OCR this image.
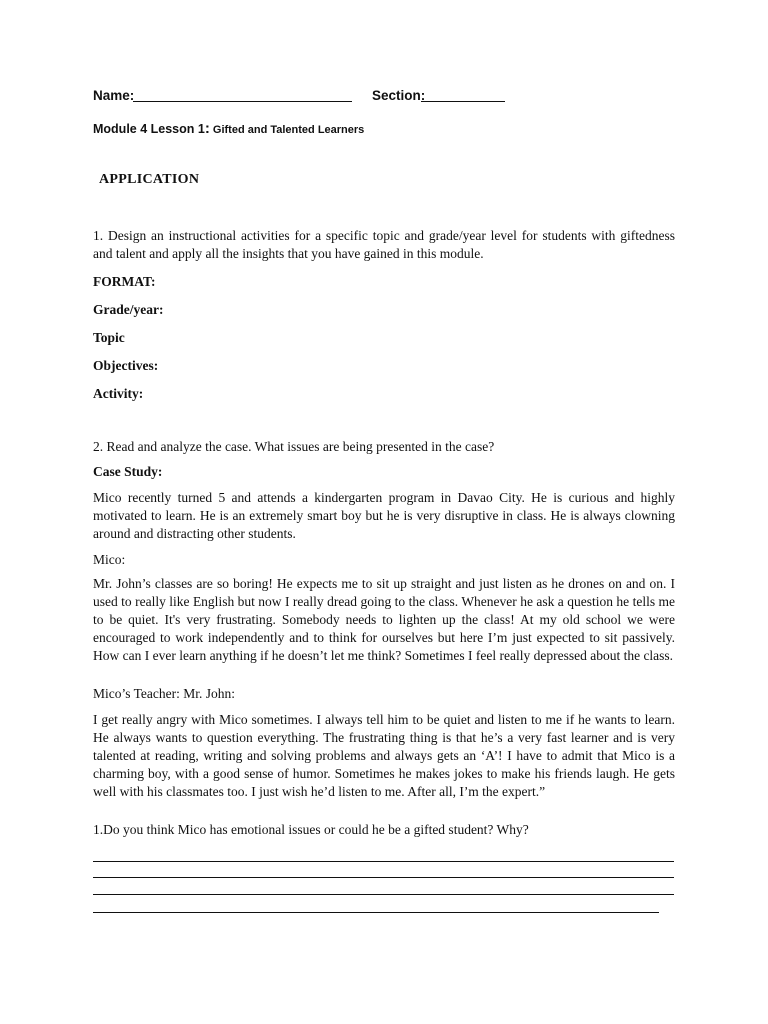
Name:	Section:
Module 4 Lesson 1: Gifted and Talented Learners
APPLICATION
1. Design an instructional activities for a specific topic and grade/year level for students with giftedness and talent and apply all the insights that you have gained in this module.
FORMAT:
Grade/year:
Topic
Objectives:
Activity:
2. Read and analyze the case. What issues are being presented in the case?
Case Study:
Mico recently turned 5 and attends a kindergarten program in Davao City. He is curious and highly motivated to learn. He is an extremely smart boy but he is very disruptive in class. He is always clowning around and distracting other students.
Mico:
Mr. John’s classes are so boring! He expects me to sit up straight and just listen as he drones on and on. I used to really like English but now I really dread going to the class. Whenever he ask a question he tells me to be quiet. It's very frustrating. Somebody needs to lighten up the class! At my old school we were encouraged to work independently and to think for ourselves but here I’m just expected to sit passively. How can I ever learn anything if he doesn’t let me think? Sometimes I feel really depressed about the class.
Mico’s Teacher: Mr. John:
I get really angry with Mico sometimes. I always tell him to be quiet and listen to me if he wants to learn. He always wants to question everything. The frustrating thing is that he’s a very fast learner and is very talented at reading, writing and solving problems and always gets an ‘A’! I have to admit that Mico is a charming boy, with a good sense of humor. Sometimes he makes jokes to make his friends laugh. He gets well with his classmates too. I just wish he’d listen to me. After all, I’m the expert.”
1.Do you think Mico has emotional issues or could he be a gifted student? Why?
